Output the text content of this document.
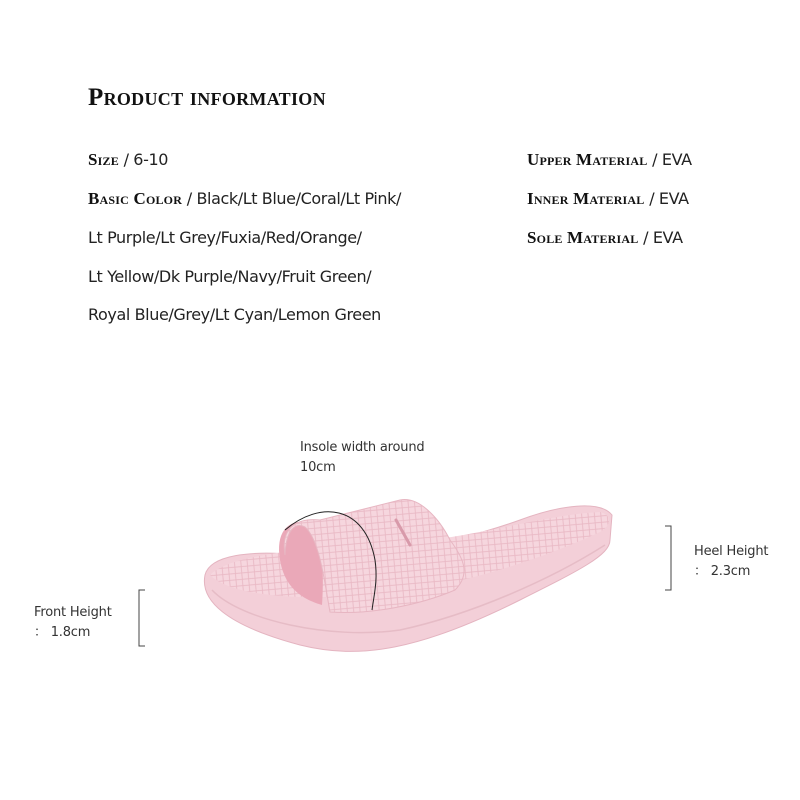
Product information
Size / 6-10
Basic Color / Black/Lt Blue/Coral/Lt Pink/
Lt Purple/Lt Grey/Fuxia/Red/Orange/
Lt Yellow/Dk Purple/Navy/Fruit Green/
Royal Blue/Grey/Lt Cyan/Lemon Green
Upper Material / EVA
Inner Material / EVA
Sole Material / EVA
Insole width around
10cm
Heel Height
： 2.3cm
Front Height
： 1.8cm
